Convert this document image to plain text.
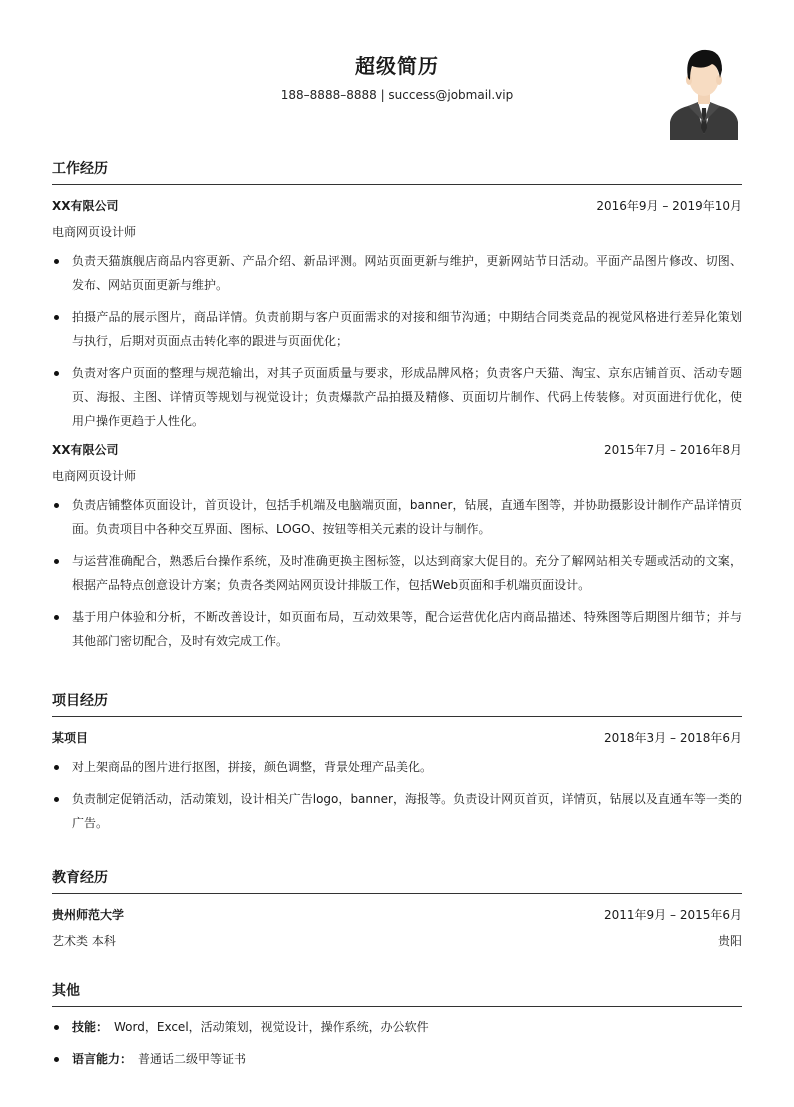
超级简历
188–8888–8888 | success@jobmail.vip
工作经历
XX有限公司	2016年9月 – 2019年10月
电商网页设计师
负责天猫旗舰店商品内容更新、产品介绍、新品评测。网站页面更新与维护，更新网站节日活动。平面产品图片修改、切图、发布、网站页面更新与维护。
拍摄产品的展示图片，商品详情。负责前期与客户页面需求的对接和细节沟通；中期结合同类竞品的视觉风格进行差异化策划与执行，后期对页面点击转化率的跟进与页面优化；
负责对客户页面的整理与规范输出，对其子页面质量与要求，形成品牌风格；负责客户天猫、淘宝、京东店铺首页、活动专题页、海报、主图、详情页等规划与视觉设计；负责爆款产品拍摄及精修、页面切片制作、代码上传装修。对页面进行优化，使用户操作更趋于人性化。
XX有限公司	2015年7月 – 2016年8月
电商网页设计师
负责店铺整体页面设计，首页设计，包括手机端及电脑端页面，banner，钻展，直通车图等，并协助摄影设计制作产品详情页面。负责项目中各种交互界面、图标、LOGO、按钮等相关元素的设计与制作。
与运营准确配合，熟悉后台操作系统，及时准确更换主图标签，以达到商家大促目的。充分了解网站相关专题或活动的文案，根据产品特点创意设计方案；负责各类网站网页设计排版工作，包括Web页面和手机端页面设计。
基于用户体验和分析，不断改善设计，如页面布局，互动效果等，配合运营优化店内商品描述、特殊图等后期图片细节；并与其他部门密切配合，及时有效完成工作。
项目经历
某项目	2018年3月 – 2018年6月
对上架商品的图片进行抠图，拼接，颜色调整，背景处理产品美化。
负责制定促销活动，活动策划，设计相关广告logo，banner，海报等。负责设计网页首页，详情页，钻展以及直通车等一类的广告。
教育经历
贵州师范大学	2011年9月 – 2015年6月
艺术类 本科	贵阳
其他
技能： Word，Excel，活动策划，视觉设计，操作系统，办公软件
语言能力： 普通话二级甲等证书
